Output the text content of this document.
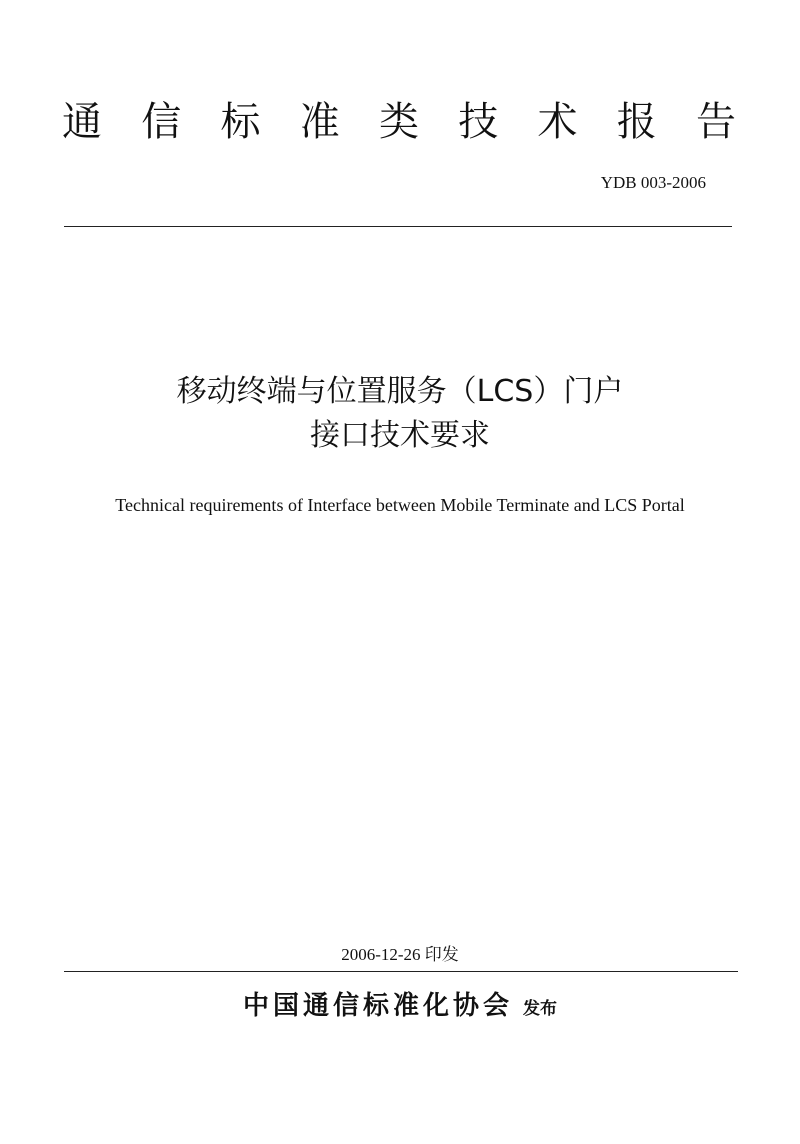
通 信 标 准 类 技 术 报 告
YDB 003-2006
移动终端与位置服务（LCS）门户
接口技术要求
Technical requirements of Interface between Mobile Terminate and LCS Portal
2006-12-26 印发
中国通信标准化协会 发布
